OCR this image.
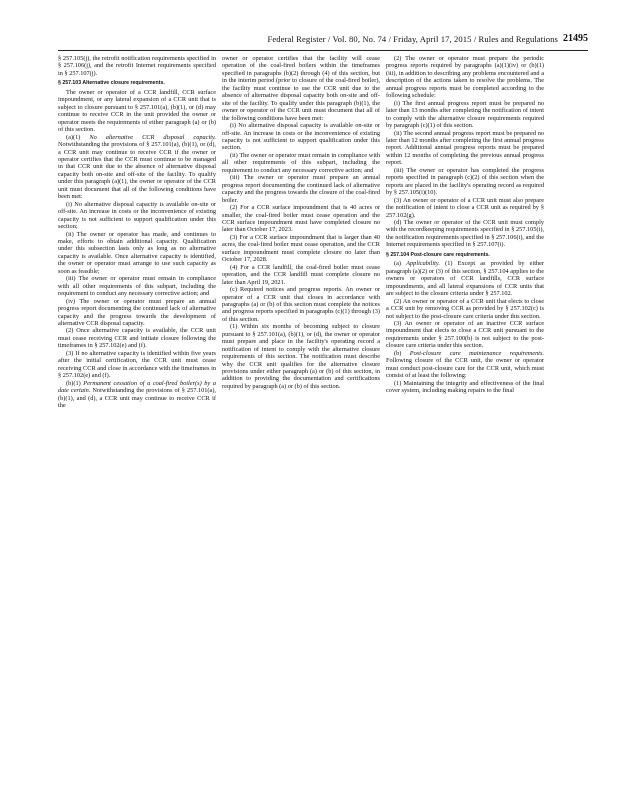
Federal Register / Vol. 80, No. 74 / Friday, April 17, 2015 / Rules and Regulations 21495

§ 257.105(j), the retrofit notification requirements specified in § 257.106(j), and the retrofit Internet requirements specified in § 257.107(j).

§ 257.103 Alternative closure requirements.

The owner or operator of a CCR landfill, CCR surface impoundment, or any lateral expansion of a CCR unit that is subject to closure pursuant to § 257.101(a), (b)(1), or (d) may continue to receive CCR in the unit provided the owner or operator meets the requirements of either paragraph (a) or (b) of this section.

(a)(1) No alternative CCR disposal capacity. Notwithstanding the provisions of § 257.101(a), (b)(1), or (d), a CCR unit may continue to receive CCR if the owner or operator certifies that the CCR must continue to be managed in that CCR unit due to the absence of alternative disposal capacity both on-site and off-site of the facility. To qualify under this paragraph (a)(1), the owner or operator of the CCR unit must document that all of the following conditions have been met:

(i) No alternative disposal capacity is available on-site or off-site. An increase in costs or the inconvenience of existing capacity is not sufficient to support qualification under this section;

(ii) The owner or operator has made, and continues to make, efforts to obtain additional capacity. Qualification under this subsection lasts only as long as no alternative capacity is available. Once alternative capacity is identified, the owner or operator must arrange to use such capacity as soon as feasible;

(iii) The owner or operator must remain in compliance with all other requirements of this subpart, including the requirement to conduct any necessary corrective action; and

(iv) The owner or operator must prepare an annual progress report documenting the continued lack of alternative capacity and the progress towards the development of alternative CCR disposal capacity.

(2) Once alternative capacity is available, the CCR unit must cease receiving CCR and initiate closure following the timeframes in § 257.102(e) and (f).

(3) If no alternative capacity is identified within five years after the initial certification, the CCR unit must cease receiving CCR and close in accordance with the timeframes in § 257.102(e) and (f).

(b)(1) Permanent cessation of a coal-fired boiler(s) by a date certain. Notwithstanding the provisions of § 257.101(a), (b)(1), and (d), a CCR unit may continue to receive CCR if the

owner or operator certifies that the facility will cease operation of the coal-fired boilers within the timeframes specified in paragraphs (b)(2) through (4) of this section, but in the interim period (prior to closure of the coal-fired boiler), the facility must continue to use the CCR unit due to the absence of alternative disposal capacity both on-site and off-site of the facility. To qualify under this paragraph (b)(1), the owner or operator of the CCR unit must document that all of the following conditions have been met:

(i) No alternative disposal capacity is available on-site or off-site. An increase in costs or the inconvenience of existing capacity is not sufficient to support qualification under this section.

(ii) The owner or operator must remain in compliance with all other requirements of this subpart, including the requirement to conduct any necessary corrective action; and

(iii) The owner or operator must prepare an annual progress report documenting the continued lack of alternative capacity and the progress towards the closure of the coal-fired boiler.

(2) For a CCR surface impoundment that is 40 acres or smaller, the coal-fired boiler must cease operation and the CCR surface impoundment must have completed closure no later than October 17, 2023.

(3) For a CCR surface impoundment that is larger than 40 acres, the coal-fired boiler must cease operation, and the CCR surface impoundment must complete closure no later than October 17, 2028.

(4) For a CCR landfill, the coal-fired boiler must cease operation, and the CCR landfill must complete closure no later than April 19, 2021.

(c) Required notices and progress reports. An owner or operator of a CCR unit that closes in accordance with paragraphs (a) or (b) of this section must complete the notices and progress reports specified in paragraphs (c)(1) through (3) of this section.

(1) Within six months of becoming subject to closure pursuant to § 257.101(a), (b)(1), or (d), the owner or operator must prepare and place in the facility's operating record a notification of intent to comply with the alternative closure requirements of this section. The notification must describe why the CCR unit qualifies for the alternative closure provisions under either paragraph (a) or (b) of this section, in addition to providing the documentation and certifications required by paragraph (a) or (b) of this section.

(2) The owner or operator must prepare the periodic progress reports required by paragraphs (a)(1)(iv) or (b)(1)(iii), in addition to describing any problems encountered and a description of the actions taken to resolve the problems. The annual progress reports must be completed according to the following schedule:

(i) The first annual progress report must be prepared no later than 13 months after completing the notification of intent to comply with the alternative closure requirements required by paragraph (c)(1) of this section.

(ii) The second annual progress report must be prepared no later than 12 months after completing the first annual progress report. Additional annual progress reports must be prepared within 12 months of completing the previous annual progress report.

(iii) The owner or operator has completed the progress reports specified in paragraph (c)(2) of this section when the reports are placed in the facility's operating record as required by § 257.105(i)(10).

(3) An owner or operator of a CCR unit must also prepare the notification of intent to close a CCR unit as required by § 257.102(g).

(d) The owner or operator of the CCR unit must comply with the recordkeeping requirements specified in § 257.105(i), the notification requirements specified in § 257.106(i), and the Internet requirements specified in § 257.107(i).

§ 257.104 Post-closure care requirements.

(a) Applicability. (1) Except as provided by either paragraph (a)(2) or (3) of this section, § 257.104 applies to the owners or operators of CCR landfills, CCR surface impoundments, and all lateral expansions of CCR units that are subject to the closure criteria under § 257.102.

(2) An owner or operator of a CCR unit that elects to close a CCR unit by removing CCR as provided by § 257.102(c) is not subject to the post-closure care criteria under this section.

(3) An owner or operator of an inactive CCR surface impoundment that elects to close a CCR unit pursuant to the requirements under § 257.100(b) is not subject to the post-closure care criteria under this section.

(b) Post-closure care maintenance requirements. Following closure of the CCR unit, the owner or operator must conduct post-closure care for the CCR unit, which must consist of at least the following:

(1) Maintaining the integrity and effectiveness of the final cover system, including making repairs to the final
